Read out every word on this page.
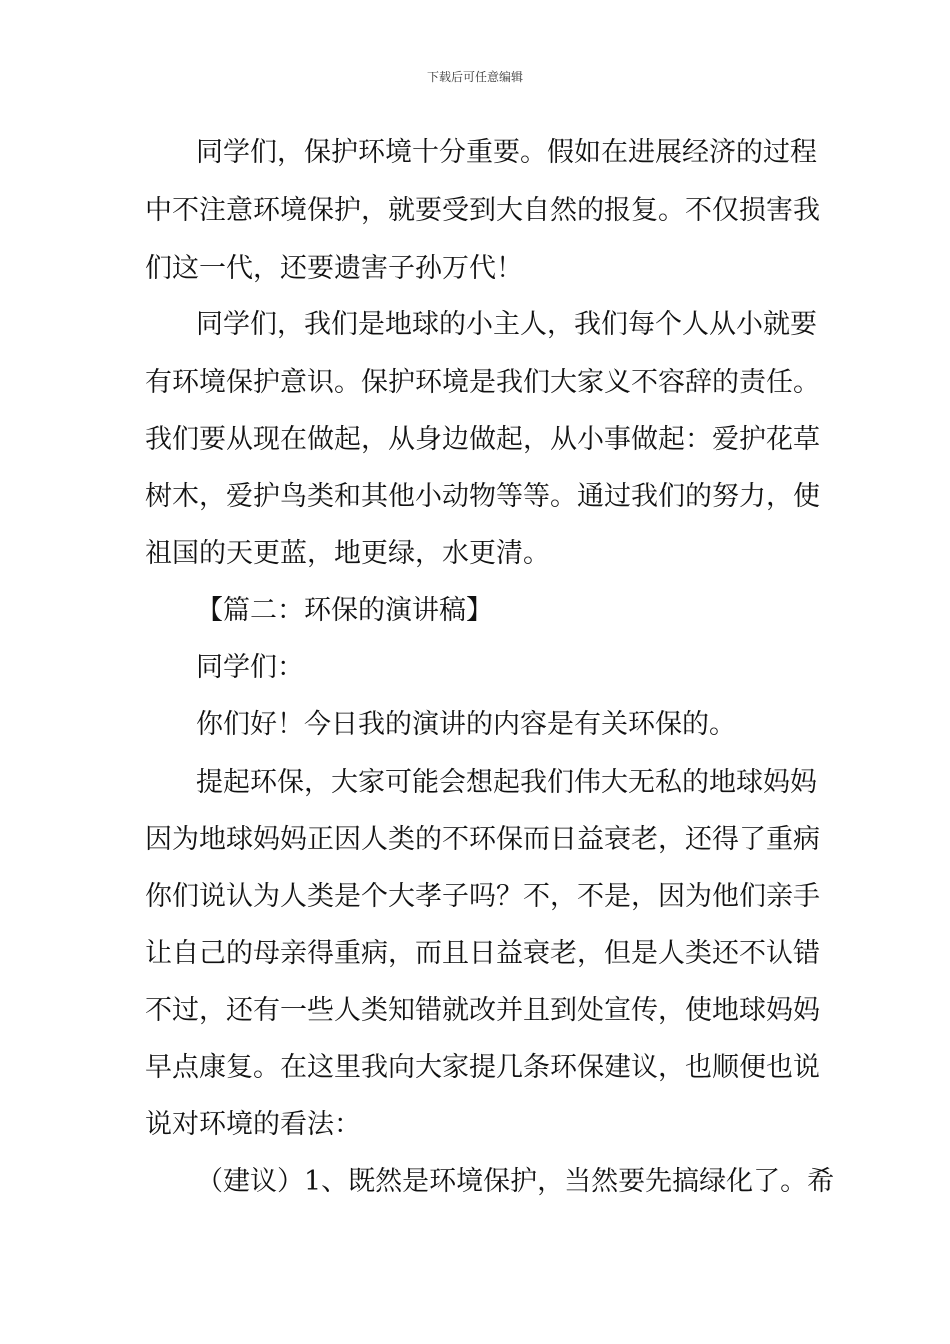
下载后可任意编辑
同学们，保护环境十分重要。假如在进展经济的过程
中不注意环境保护，就要受到大自然的报复。不仅损害我
们这一代，还要遗害子孙万代！
同学们，我们是地球的小主人，我们每个人从小就要
有环境保护意识。保护环境是我们大家义不容辞的责任。
我们要从现在做起，从身边做起，从小事做起：爱护花草
树木，爱护鸟类和其他小动物等等。通过我们的努力，使
祖国的天更蓝，地更绿，水更清。
【篇二：环保的演讲稿】
同学们：
你们好！今日我的演讲的内容是有关环保的。
提起环保，大家可能会想起我们伟大无私的地球妈妈
因为地球妈妈正因人类的不环保而日益衰老，还得了重病
你们说认为人类是个大孝子吗？不，不是，因为他们亲手
让自己的母亲得重病，而且日益衰老，但是人类还不认错
不过，还有一些人类知错就改并且到处宣传，使地球妈妈
早点康复。在这里我向大家提几条环保建议，也顺便也说
说对环境的看法：
（建议）1、既然是环境保护，当然要先搞绿化了。希
